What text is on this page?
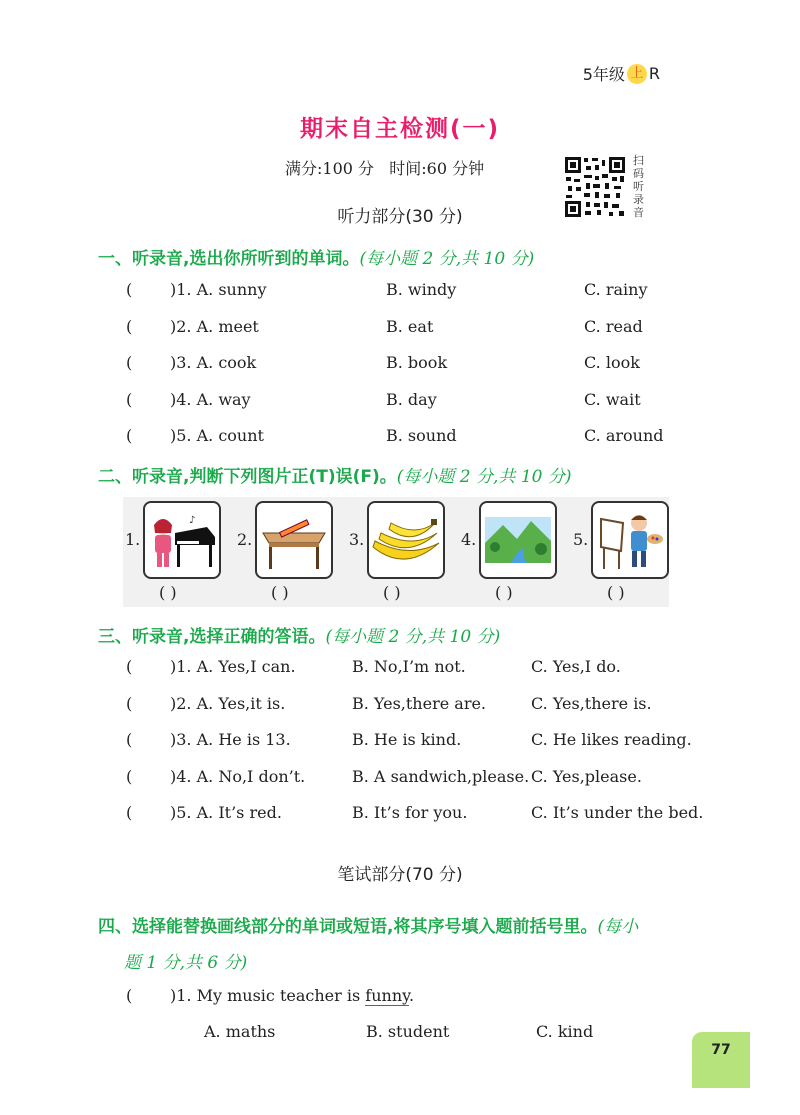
5年级 上 R
期末自主检测(一)
满分:100 分   时间:60 分钟	扫
码
听
录
音
听力部分(30 分)
一、听录音,选出你所听到的单词。(每小题 2 分,共 10 分)
( )1. A. sunny	B. windy	C. rainy
( )2. A. meet	B. eat	C. read
( )3. A. cook	B. book	C. look
( )4. A. way	B. day	C. wait
( )5. A. count	B. sound	C. around
二、听录音,判断下列图片正(T)误(F)。(每小题 2 分,共 10 分)
1.
♪
( )
2.
( )
3.
( )
4.
( )
5.
( )
三、听录音,选择正确的答语。(每小题 2 分,共 10 分)
( )1. A. Yes,I can.	B. No,I’m not.	C. Yes,I do.
( )2. A. Yes,it is.	B. Yes,there are.	C. Yes,there is.
( )3. A. He is 13.	B. He is kind.	C. He likes reading.
( )4. A. No,I don’t.	B. A sandwich,please. C. Yes,please.
( )5. A. It’s red.	B. It’s for you.	C. It’s under the bed.
笔试部分(70 分)
四、选择能替换画线部分的单词或短语,将其序号填入题前括号里。(每小
题 1 分,共 6 分)
( )1. My music teacher is funny.
A. maths	B. student	C. kind
77
